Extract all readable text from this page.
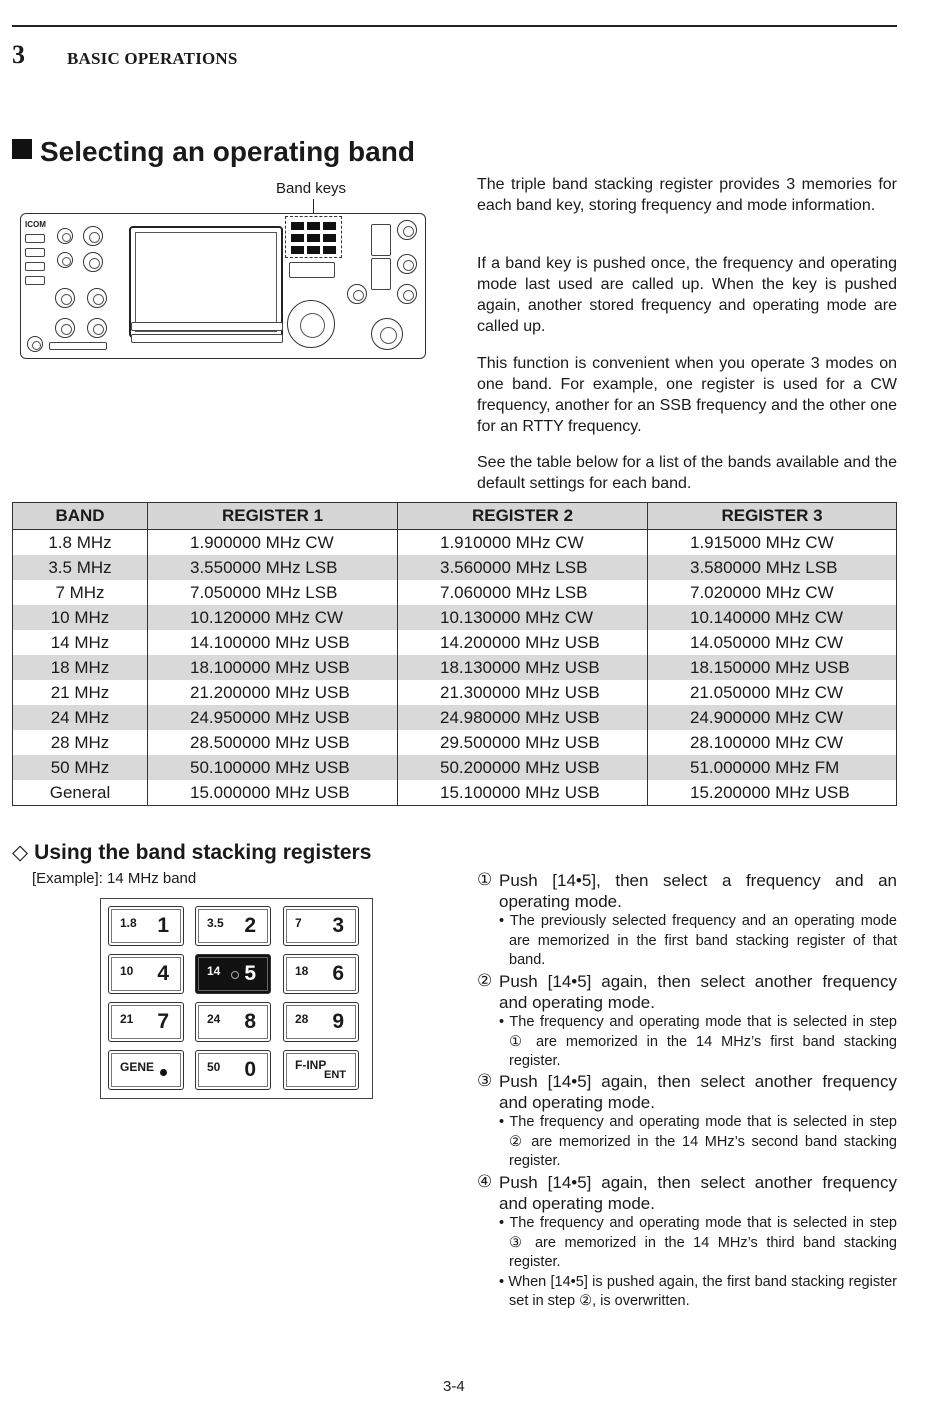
3 BASIC OPERATIONS
Selecting an operating band
Band keys
ICOM
The triple band stacking register provides 3 memories for each band key, storing frequency and mode information.
If a band key is pushed once, the frequency and operating mode last used are called up. When the key is pushed again, another stored frequency and operating mode are called up.
This function is convenient when you operate 3 modes on one band. For example, one register is used for a CW frequency, another for an SSB frequency and the other one for an RTTY frequency.
See the table below for a list of the bands available and the default settings for each band.
BAND	REGISTER 1	REGISTER 2	REGISTER 3
1.8 MHz	1.900000 MHz CW	1.910000 MHz CW	1.915000 MHz CW
3.5 MHz	3.550000 MHz LSB	3.560000 MHz LSB	3.580000 MHz LSB
7 MHz	7.050000 MHz LSB	7.060000 MHz LSB	7.020000 MHz CW
10 MHz	10.120000 MHz CW	10.130000 MHz CW	10.140000 MHz CW
14 MHz	14.100000 MHz USB	14.200000 MHz USB	14.050000 MHz CW
18 MHz	18.100000 MHz USB	18.130000 MHz USB	18.150000 MHz USB
21 MHz	21.200000 MHz USB	21.300000 MHz USB	21.050000 MHz CW
24 MHz	24.950000 MHz USB	24.980000 MHz USB	24.900000 MHz CW
28 MHz	28.500000 MHz USB	29.500000 MHz USB	28.100000 MHz CW
50 MHz	50.100000 MHz USB	50.200000 MHz USB	51.000000 MHz FM
General	15.000000 MHz USB	15.100000 MHz USB	15.200000 MHz USB
◇ Using the band stacking registers
[Example]: 14 MHz band
1.8 1	3.5 2	7 3
10 4	14 5	18 6
21 7	24 8	28 9
GENE	50 0	F-INP
ENT
① Push [14•5], then select a frequency and an operating mode.
• The previously selected frequency and an operating mode are memorized in the first band stacking register of that band.
② Push [14•5] again, then select another frequency and operating mode.
• The frequency and operating mode that is selected in step ① are memorized in the 14 MHz’s first band stacking register.
③ Push [14•5] again, then select another frequency and operating mode.
• The frequency and operating mode that is selected in step ② are memorized in the 14 MHz’s second band stacking register.
④ Push [14•5] again, then select another frequency and operating mode.
• The frequency and operating mode that is selected in step ③ are memorized in the 14 MHz’s third band stacking register.
• When [14•5] is pushed again, the first band stacking register set in step ②, is overwritten.
3-4
